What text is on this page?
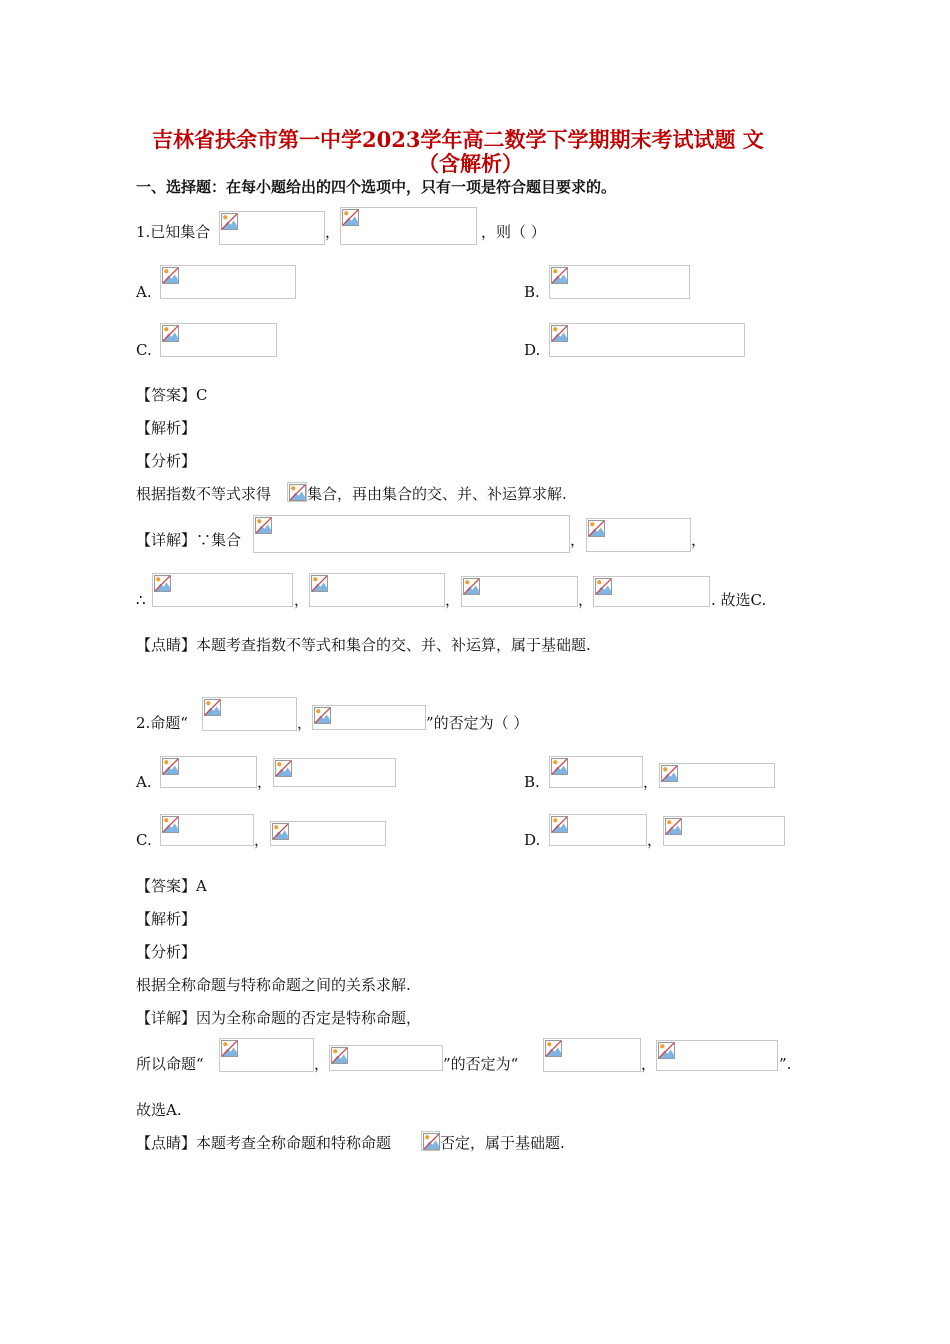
吉林省扶余市第一中学2023学年高二数学下学期期末考试试题 文
（含解析）
一、选择题：在每小题给出的四个选项中，只有一项是符合题目要求的。
1.已知集合	，	，则（ ）
A.	B.
C.	D.
【答案】C
【解析】
【分析】
根据指数不等式求得 集合，再由集合的交、并、补运算求解.
【详解】∵集合	，	，
∴	，	，	，	. 故选C.
【点睛】本题考查指数不等式和集合的交、并、补运算，属于基础题.
2.命题“	，	”的否定为（ ）
A.	，	B.	，
C.	，	D.	，
【答案】A
【解析】
【分析】
根据全称命题与特称命题之间的关系求解.
【详解】因为全称命题的否定是特称命题，
所以命题“	，	”的否定为“	，	”.
故选A.
【点睛】本题考查全称命题和特称命题	否定，属于基础题.
